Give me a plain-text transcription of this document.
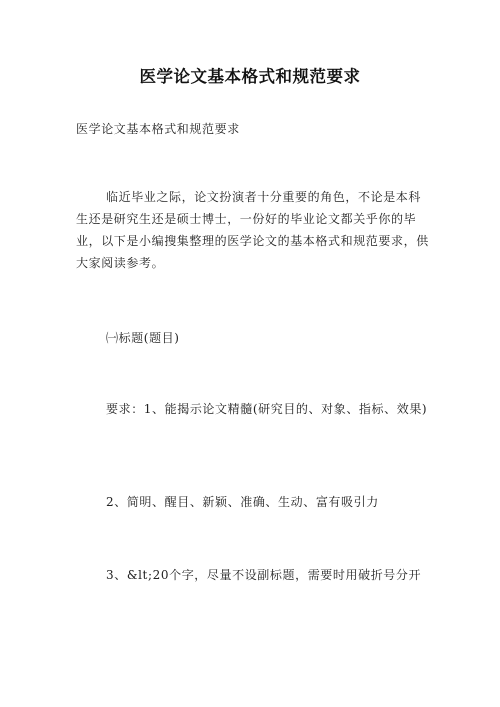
医学论文基本格式和规范要求
医学论文基本格式和规范要求

临近毕业之际，论文扮演者十分重要的角色，不论是本科生还是研究生还是硕士博士，一份好的毕业论文都关乎你的毕业，以下是小编搜集整理的医学论文的基本格式和规范要求，供大家阅读参考。

㈠标题(题目)

要求：1、能揭示论文精髓(研究目的、对象、指标、效果)

2、简明、醒目、新颖、准确、生动、富有吸引力

3、&lt;20个字，尽量不设副标题，需要时用破折号分开
